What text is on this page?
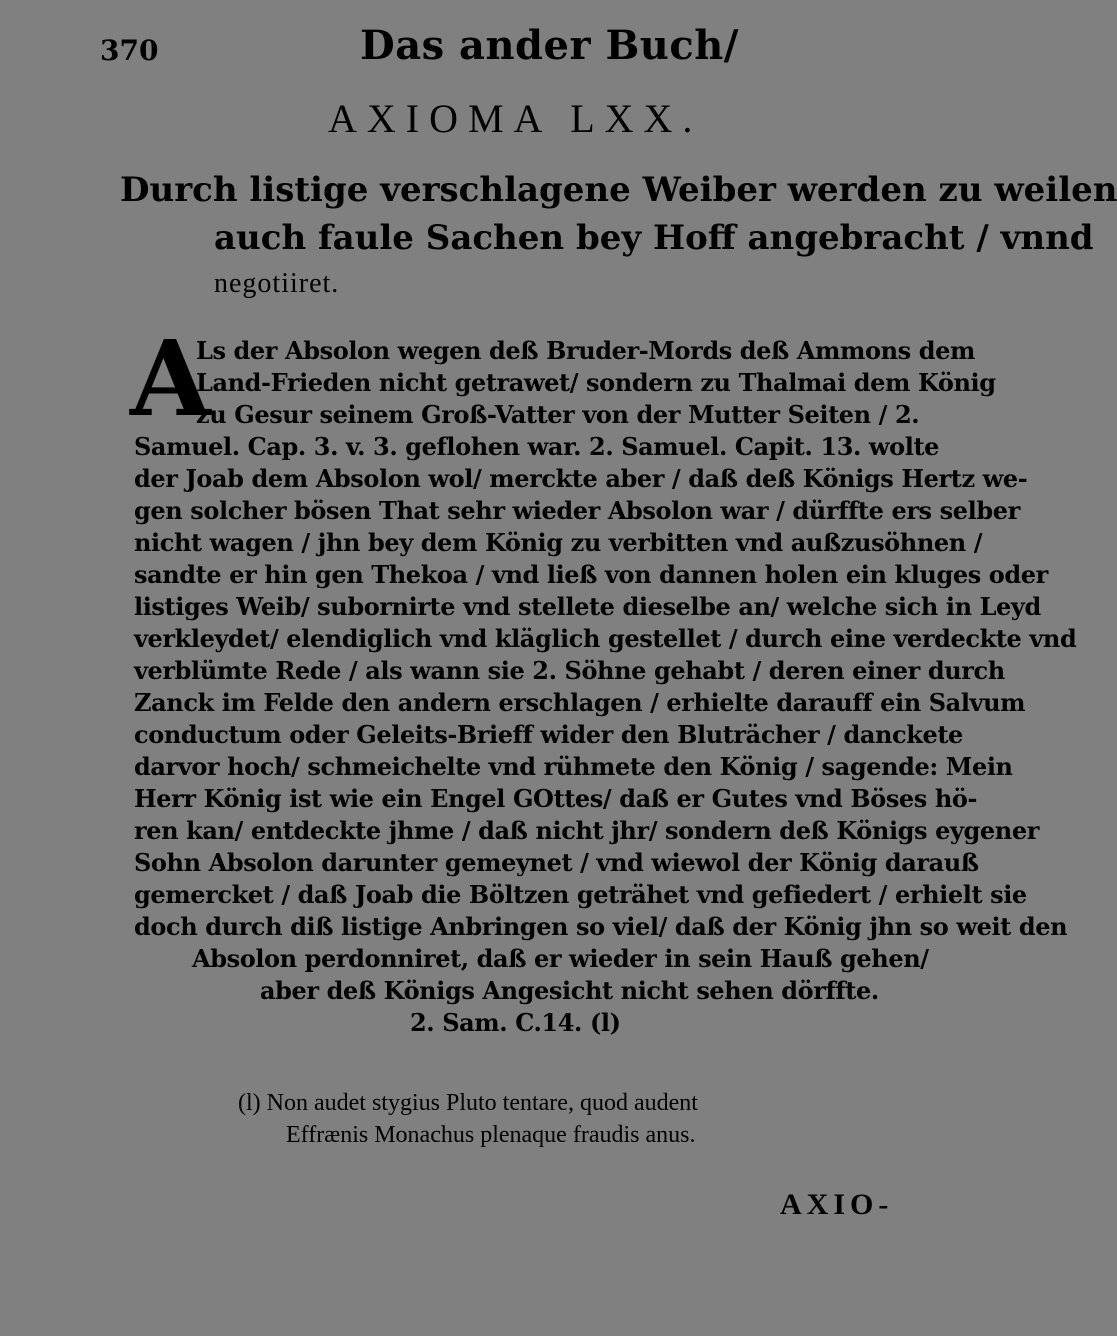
370	Das ander Buch/
AXIOMA LXX.
Durch listige verschlagene Weiber werden zu weilen
auch faule Sachen bey Hoff angebracht / vnnd
negotiiret.
A
Ls der Absolon wegen deß Bruder-Mords deß Ammons dem
Land-Frieden nicht getrawet/ sondern zu Thalmai dem König
zu Gesur seinem Groß-Vatter von der Mutter Seiten / 2.
Samuel. Cap. 3. v. 3. geflohen war. 2. Samuel. Capit. 13. wolte
der Joab dem Absolon wol/ merckte aber / daß deß Königs Hertz we-
gen solcher bösen That sehr wieder Absolon war / dürffte ers selber
nicht wagen / jhn bey dem König zu verbitten vnd außzusöhnen /
sandte er hin gen Thekoa / vnd ließ von dannen holen ein kluges oder
listiges Weib/ subornirte vnd stellete dieselbe an/ welche sich in Leyd
verkleydet/ elendiglich vnd kläglich gestellet / durch eine verdeckte vnd
verblümte Rede / als wann sie 2. Söhne gehabt / deren einer durch
Zanck im Felde den andern erschlagen / erhielte darauff ein Salvum
conductum oder Geleits-Brieff wider den Bluträcher / danckete
darvor hoch/ schmeichelte vnd rühmete den König / sagende: Mein
Herr König ist wie ein Engel GOttes/ daß er Gutes vnd Böses hö-
ren kan/ entdeckte jhme / daß nicht jhr/ sondern deß Königs eygener
Sohn Absolon darunter gemeynet / vnd wiewol der König darauß
gemercket / daß Joab die Böltzen geträhet vnd gefiedert / erhielt sie
doch durch diß listige Anbringen so viel/ daß der König jhn so weit den
Absolon perdonniret, daß er wieder in sein Hauß gehen/
aber deß Königs Angesicht nicht sehen dörffte.
2. Sam. C.14. (l)
(l) Non audet stygius Pluto tentare, quod audent
Effrænis Monachus plenaque fraudis anus.
AXIO-
